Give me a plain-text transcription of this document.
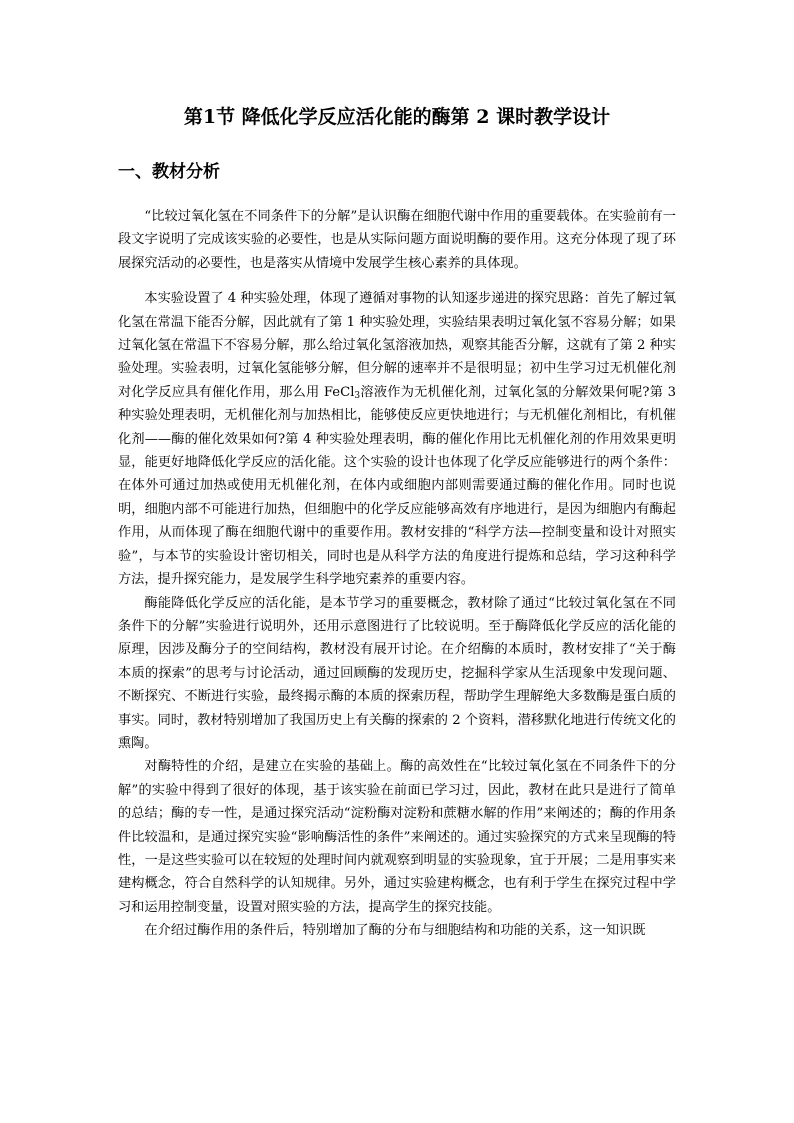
第1节 降低化学反应活化能的酶第 2 课时教学设计
一、教材分析

“比较过氧化氢在不同条件下的分解”是认识酶在细胞代谢中作用的重要载体。在实验前有一段文字说明了完成该实验的必要性，也是从实际问题方面说明酶的要作用。这充分体现了现了环展探究活动的必要性，也是落实从情境中发展学生核心素养的具体现。

本实验设置了 4 种实验处理，体现了遵循对事物的认知逐步递进的探究思路：首先了解过氧化氢在常温下能否分解，因此就有了第 1 种实验处理，实验结果表明过氧化氢不容易分解；如果过氧化氢在常温下不容易分解，那么给过氧化氢溶液加热，观察其能否分解，这就有了第 2 种实验处理。实验表明，过氧化氢能够分解，但分解的速率并不是很明显；初中生学习过无机催化剂对化学反应具有催化作用，那么用 FeCl$_3$溶液作为无机催化剂，过氧化氢的分解效果何呢?第 3 种实验处理表明，无机催化剂与加热相比，能够使反应更快地进行；与无机催化剂相比，有机催化剂——酶的催化效果如何?第 4 种实验处理表明，酶的催化作用比无机催化剂的作用效果更明显，能更好地降低化学反应的活化能。这个实验的设计也体现了化学反应能够进行的两个条件：在体外可通过加热或使用无机催化剂，在体内或细胞内部则需要通过酶的催化作用。同时也说明，细胞内部不可能进行加热，但细胞中的化学反应能够高效有序地进行，是因为细胞内有酶起作用，从而体现了酶在细胞代谢中的重要作用。教材安排的“科学方法—控制变量和设计对照实验”，与本节的实验设计密切相关，同时也是从科学方法的角度进行提炼和总结，学习这种科学方法，提升探究能力，是发展学生科学地究素养的重要内容。

酶能降低化学反应的活化能，是本节学习的重要概念，教材除了通过“比较过氧化氢在不同条件下的分解”实验进行说明外，还用示意图进行了比较说明。至于酶降低化学反应的活化能的原理，因涉及酶分子的空间结构，教材没有展开讨论。在介绍酶的本质时，教材安排了“关于酶本质的探索”的思考与讨论活动，通过回顾酶的发现历史，挖掘科学家从生活现象中发现问题、不断探究、不断进行实验，最终揭示酶的本质的探索历程，帮助学生理解绝大多数酶是蛋白质的事实。同时，教材特别增加了我国历史上有关酶的探索的 2 个资料，潜移默化地进行传统文化的熏陶。

对酶特性的介绍，是建立在实验的基础上。酶的高效性在“比较过氧化氢在不同条件下的分解”的实验中得到了很好的体现，基于该实验在前面已学习过，因此，教材在此只是进行了简单的总结；酶的专一性，是通过探究活动“淀粉酶对淀粉和蔗糖水解的作用”来阐述的；酶的作用条件比较温和，是通过探究实验“影响酶活性的条件”来阐述的。通过实验探究的方式来呈现酶的特性，一是这些实验可以在较短的处理时间内就观察到明显的实验现象，宜于开展；二是用事实来建构概念，符合自然科学的认知规律。另外，通过实验建构概念，也有利于学生在探究过程中学习和运用控制变量，设置对照实验的方法，提高学生的探究技能。

在介绍过酶作用的条件后，特别增加了酶的分布与细胞结构和功能的关系，这一知识既
